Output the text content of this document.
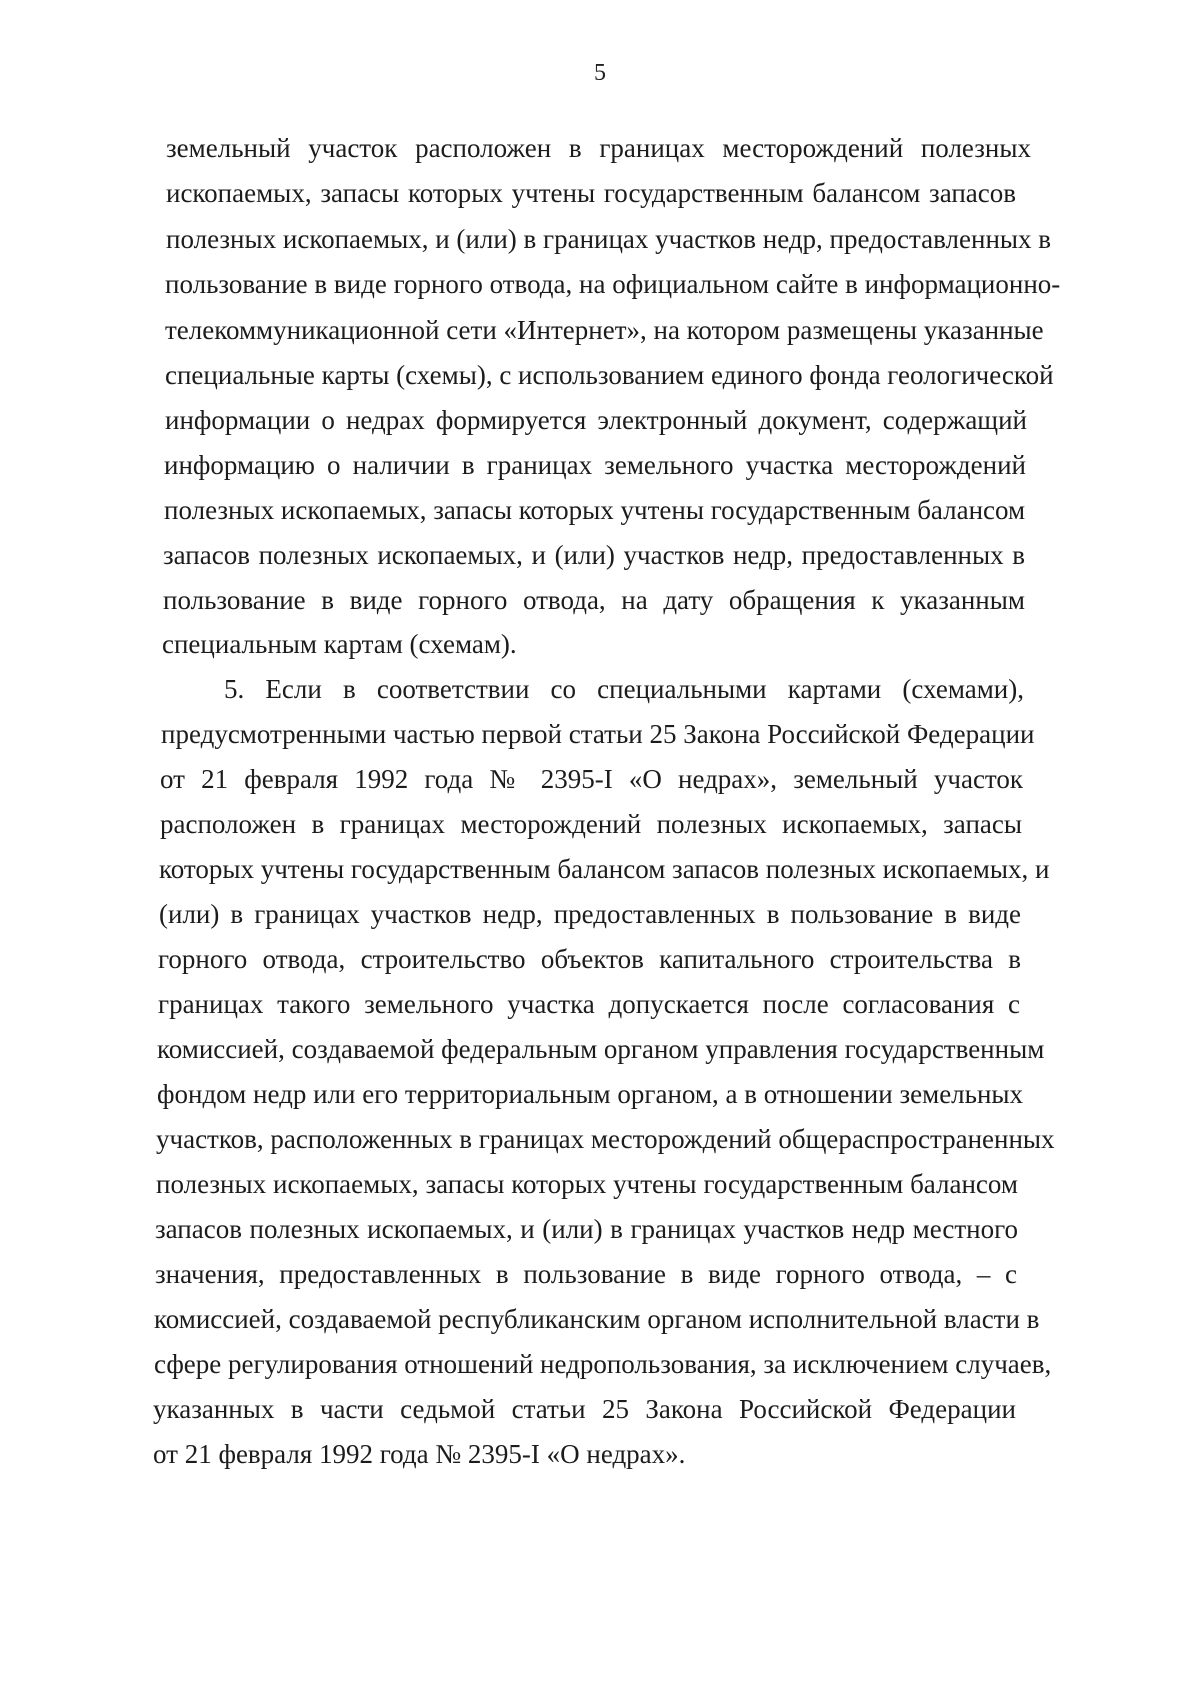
5
земельный участок расположен в границах месторождений полезных
ископаемых, запасы которых учтены государственным балансом запасов
полезных ископаемых, и (или) в границах участков недр, предоставленных в
пользование в виде горного отвода, на официальном сайте в информационно-
телекоммуникационной сети «Интернет», на котором размещены указанные
специальные карты (схемы), с использованием единого фонда геологической
информации о недрах формируется электронный документ, содержащий
информацию о наличии в границах земельного участка месторождений
полезных ископаемых, запасы которых учтены государственным балансом
запасов полезных ископаемых, и (или) участков недр, предоставленных в
пользование в виде горного отвода, на дату обращения к указанным
специальным картам (схемам).
5. Если в соответствии со специальными картами (схемами),
предусмотренными частью первой статьи 25 Закона Российской Федерации
от 21 февраля 1992 года № 2395-I «О недрах», земельный участок
расположен в границах месторождений полезных ископаемых, запасы
которых учтены государственным балансом запасов полезных ископаемых, и
(или) в границах участков недр, предоставленных в пользование в виде
горного отвода, строительство объектов капитального строительства в
границах такого земельного участка допускается после согласования с
комиссией, создаваемой федеральным органом управления государственным
фондом недр или его территориальным органом, а в отношении земельных
участков, расположенных в границах месторождений общераспространенных
полезных ископаемых, запасы которых учтены государственным балансом
запасов полезных ископаемых, и (или) в границах участков недр местного
значения, предоставленных в пользование в виде горного отвода, – с
комиссией, создаваемой республиканским органом исполнительной власти в
сфере регулирования отношений недропользования, за исключением случаев,
указанных в части седьмой статьи 25 Закона Российской Федерации
от 21 февраля 1992 года № 2395-I «О недрах».
